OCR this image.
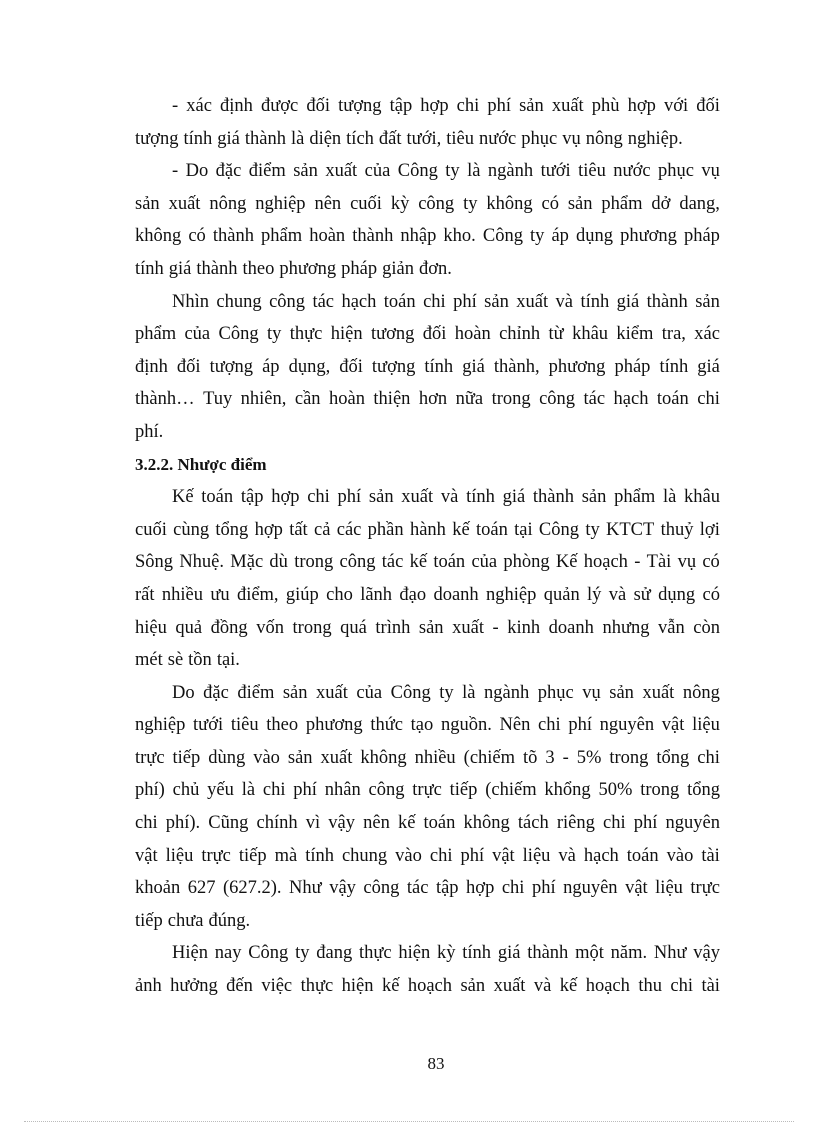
- xác định được đối tượng tập hợp chi phí sản xuất phù hợp với đối
tượng tính giá thành là diện tích đất tưới, tiêu nước phục vụ nông nghiệp.
- Do đặc điểm sản xuất của Công ty là ngành tưới tiêu nước phục vụ
sản xuất nông nghiệp nên cuối kỳ công ty không có sản phẩm dở dang,
không có thành phẩm hoàn thành nhập kho. Công ty áp dụng phương pháp
tính giá thành theo phương pháp giản đơn.
Nhìn chung công tác hạch toán chi phí sản xuất và tính giá thành sản
phẩm của Công ty thực hiện tương đối hoàn chỉnh từ khâu kiểm tra, xác
định đối tượng áp dụng, đối tượng tính giá thành, phương pháp tính giá
thành… Tuy nhiên, cần hoàn thiện hơn nữa trong công tác hạch toán chi
phí.
3.2.2. Nhược điểm
Kế toán tập hợp chi phí sản xuất và tính giá thành sản phẩm là khâu
cuối cùng tổng hợp tất cả các phần hành kế toán tại Công ty KTCT thuỷ lợi
Sông Nhuệ. Mặc dù trong công tác kế toán của phòng Kế hoạch - Tài vụ có
rất nhiều ưu điểm, giúp cho lãnh đạo doanh nghiệp quản lý và sử dụng có
hiệu quả đồng vốn trong quá trình sản xuất - kinh doanh nhưng vẫn còn
mét sè tồn tại.
Do đặc điểm sản xuất của Công ty là ngành phục vụ sản xuất nông
nghiệp tưới tiêu theo phương thức tạo nguồn. Nên chi phí nguyên vật liệu
trực tiếp dùng vào sản xuất không nhiều (chiếm tõ 3 - 5% trong tổng chi
phí) chủ yếu là chi phí nhân công trực tiếp (chiếm khổng 50% trong tổng
chi phí). Cũng chính vì vậy nên kế toán không tách riêng chi phí nguyên
vật liệu trực tiếp mà tính chung vào chi phí vật liệu và hạch toán vào tài
khoản 627 (627.2). Như vậy công tác tập hợp chi phí nguyên vật liệu trực
tiếp chưa đúng.
Hiện nay Công ty đang thực hiện kỳ tính giá thành một năm. Như vậy
ảnh hưởng đến việc thực hiện kế hoạch sản xuất và kế hoạch thu chi tài
83
